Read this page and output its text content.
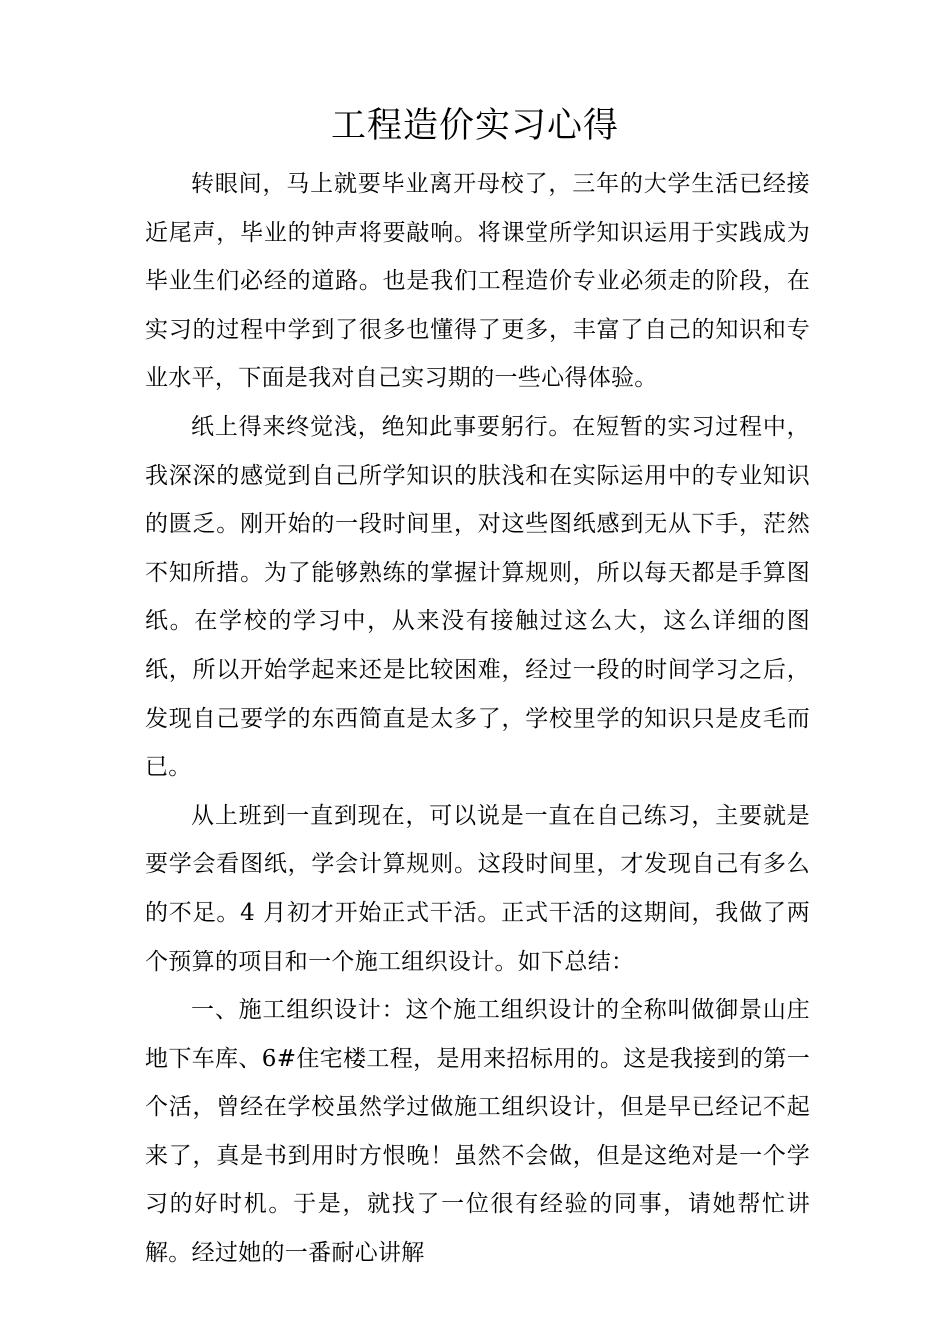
工程造价实习心得

转眼间，马上就要毕业离开母校了，三年的大学生活已经接近尾声，毕业的钟声将要敲响。将课堂所学知识运用于实践成为毕业生们必经的道路。也是我们工程造价专业必须走的阶段，在实习的过程中学到了很多也懂得了更多，丰富了自己的知识和专业水平，下面是我对自己实习期的一些心得体验。

纸上得来终觉浅，绝知此事要躬行。在短暂的实习过程中，我深深的感觉到自己所学知识的肤浅和在实际运用中的专业知识的匮乏。刚开始的一段时间里，对这些图纸感到无从下手，茫然不知所措。为了能够熟练的掌握计算规则，所以每天都是手算图纸。在学校的学习中，从来没有接触过这么大，这么详细的图纸，所以开始学起来还是比较困难，经过一段的时间学习之后，发现自己要学的东西简直是太多了，学校里学的知识只是皮毛而已。

从上班到一直到现在，可以说是一直在自己练习，主要就是要学会看图纸，学会计算规则。这段时间里，才发现自己有多么的不足。4 月初才开始正式干活。正式干活的这期间，我做了两个预算的项目和一个施工组织设计。如下总结：

一、施工组织设计：这个施工组织设计的全称叫做御景山庄地下车库、6#住宅楼工程，是用来招标用的。这是我接到的第一个活，曾经在学校虽然学过做施工组织设计，但是早已经记不起来了，真是书到用时方恨晚！虽然不会做，但是这绝对是一个学习的好时机。于是，就找了一位很有经验的同事，请她帮忙讲解。经过她的一番耐心讲解
